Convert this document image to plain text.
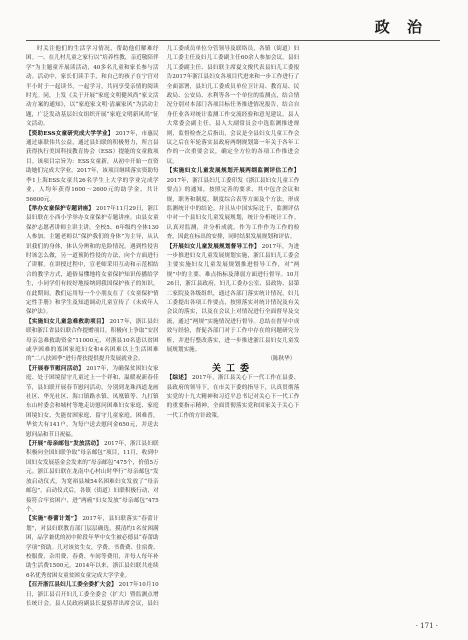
政 治

时关注他们的生活学习情况，帮助他们解难纾困。一、在儿村儿童之家行以“培养性教，亲近敬陪伴学”为主题童开展读活动，40多名儿童和家长参与活动。活动中，家长们读手手，和自己的孩子在宁宫对半小时于一起读书，一起学习，共同享受亲情的阅读时光。同，上发《关于开展“家庭文明健风尚”家文活动方案的通知》，以“家庭家文明·清廉家风”为活动主题，广泛发动基层妇女组织开展“家庭文明新风尚”征文活动。

【资助ESS女童研究成大学学业】 2017年，市惠民通过康联伟共公益，通过县妇联的积极努力，所言县获得执行美国科技教育协会（ESS）提能的女童救项目。该项目宗旨为：ESS女童新，从初中开始一直资助她们完成大学业。2017年，该项目继续落实资助每季1上海ESS女童共26名学生上大学的学业完成学业，人均年获得1600～2600元的助学金，共计56600元。

【举办女童保护专题讲座】 2017年11月29日，浙江县妇联在小西小学举办女童保护专题讲座。由县女童保护志愿者讲师主讲主讲，全校5、6年级约全体130人参加。主题老师以“保护我们的身体”为主导，从认识我们的身体，体认分辨和的危险情况，遇到性侵害时该怎么做，另一道预防性侵的方法，向个方面进行了讲解。在讲授过程中，宣老师采用互动和示范相结合的教学方式，通俗易懂地将女童保护知识传播给学生，小同学们有较好地接纳到我国保护孩子的知识，在此期间，教们运用每一个小朋友在了《女童保护情定性手册》和学生及知道调动儿童宣传了《未成年人保护法》。

【实施妇女儿童急难救助项目】 2017年，浙江县妇联和浙江省县妇联合作提赠项目，积极向上争取“安居母亲急难救助资金”11000元，对浙县10名患以贫困或孕困难的寡困家庭妇女和4名困难以上生活困难的“二八扶困季”进行帮扶提供提升发展就业会。

【开展春节慰问活动】 2017年，为确保贫困妇女家庭、处于困境留守儿童过上一个祥和、温暖祝新春佳节，县妇联开展春节慰问活动，分别到龙珠西道龙画社区、华光社区、海口镇路水镇、凤凰镇等、九打镇东山村委会和城村等地走访慰问困难妇女家庭、家庭困境妇女、失能贫困家庭、留守儿童家庭，困难普，华贫大有141户，为每户送去慰问金650元，并送去慰问品和节日祝福。

【开展“母亲邮包”发放活动】 2017年，浙江县妇联积极向全国妇联争取“母亲邮包”项目，11月，收到中国妇女发展基金会发来的“母亲邮包”475个，价值5万元。浙江县妇联在龙南中心村山时华行“母亲邮包”发放启动仪式，为宽裕县城54名困难妇女发放了“母亲邮包”。启动仪式后，各镇（街道）妇联积极行动，对接符合牢贫困户、进“两癌”妇女发放“母亲邮包”475个。

【实施“春蕾计划”】 2017年，县妇联落实“春蕾计划”，对县妇联教育部门层层确选，摸清约1名贫困满困，品学兼优的初中阶段年华中女生被必德县“春蕾助学项”资助。儿对该贫生女，学费、书费费、住宿费、校服费、杂用费、春费、车间等费用，并每人每年补助生活费1500元。2014年以来，浙江县妇联共连续6名优秀贫困女童贫困女童完成大学学业。

【召开浙江县妇儿工委全委扩大会】 2017年10月10日，浙江县召开妇儿工委全委会（扩大）暨监测点增长统计会，县人民政府副县长夏骆荐出席会议，县妇儿工委成员单位分管领导及联络员，各镇（街道）妇儿工委主任及妇儿工委副主任60余人参加会议。县妇儿工委副主任、县妇联主席夏文俊代表县妇儿工委报告2017年浙江县妇女各项目代进来和一步工作进行了全面部署，县妇儿工委成员单位卫计局、教育局、民政局、公安局、水利等各一个单位的监测点，结合情况分别对本部门各项目标任务推进情况报告，结合自身任业各对统计监测工作交流经验和意见建议。县人大常委会副主任、县人大副常员会中选监测推进规则，监督检查之后指出，会议是全县妇女儿童工作会议之后在年轮落实县政府两纲规划第一年关于各年工作的一次重要会议，确定全方位的各项工作推进会议。

【实施妇女儿童发展规划开展两纲监测评估工作】 2017年，浙江县妇儿工委印发《浙江县妇女儿童工作要点》的通知，按照完善的要求，其中包含会议和规，职务和制度，制度综合表等方面及个方法，形成监测统计中的结论。并且从中国实际比于，监测评估中对一个县妇女儿童发展规划，统计分析统计工作。认真对监测，并分析成就。作为工作作为工作的检查。因此在标出的安排，同时结果发展规划和评估。

【开展妇女儿童发展规划督导工作】 2017年，为进一步推进妇女儿童发展规划实施，浙江县妇儿工委会主要实施妇女儿童发展规划推进督导工作，对“两规”中的主要、难点指标及薄弱方面进行督导。10月26日，浙江县政府，妇儿工委办公室、县政协、县第二家院及各级组织，通过各部门落实统计情况，妇儿工委提出各项工作要点，按照落实对统计情况及有关会议的落实，以及在会议上对情况进行全面督导及交流，通过“两规”实施情况进行督导。总结在督导中成效与经验，督促各部门对于工作中存在的问题研究分析，并进行整改落实，进一步推进浙江县妇女儿童发展规划实施。

（陈秋华）

关工委

【综述】 2017年，浙江县关心下一代工作在县委、县政府的领导下，在市关下委的指导下，认真贯彻落实党的十九大精神和习近平总书记对关心下一代工作的重要指示精神，全面贯彻落实党和国家关于关心下一代工作的方针政策。

· 171 ·
